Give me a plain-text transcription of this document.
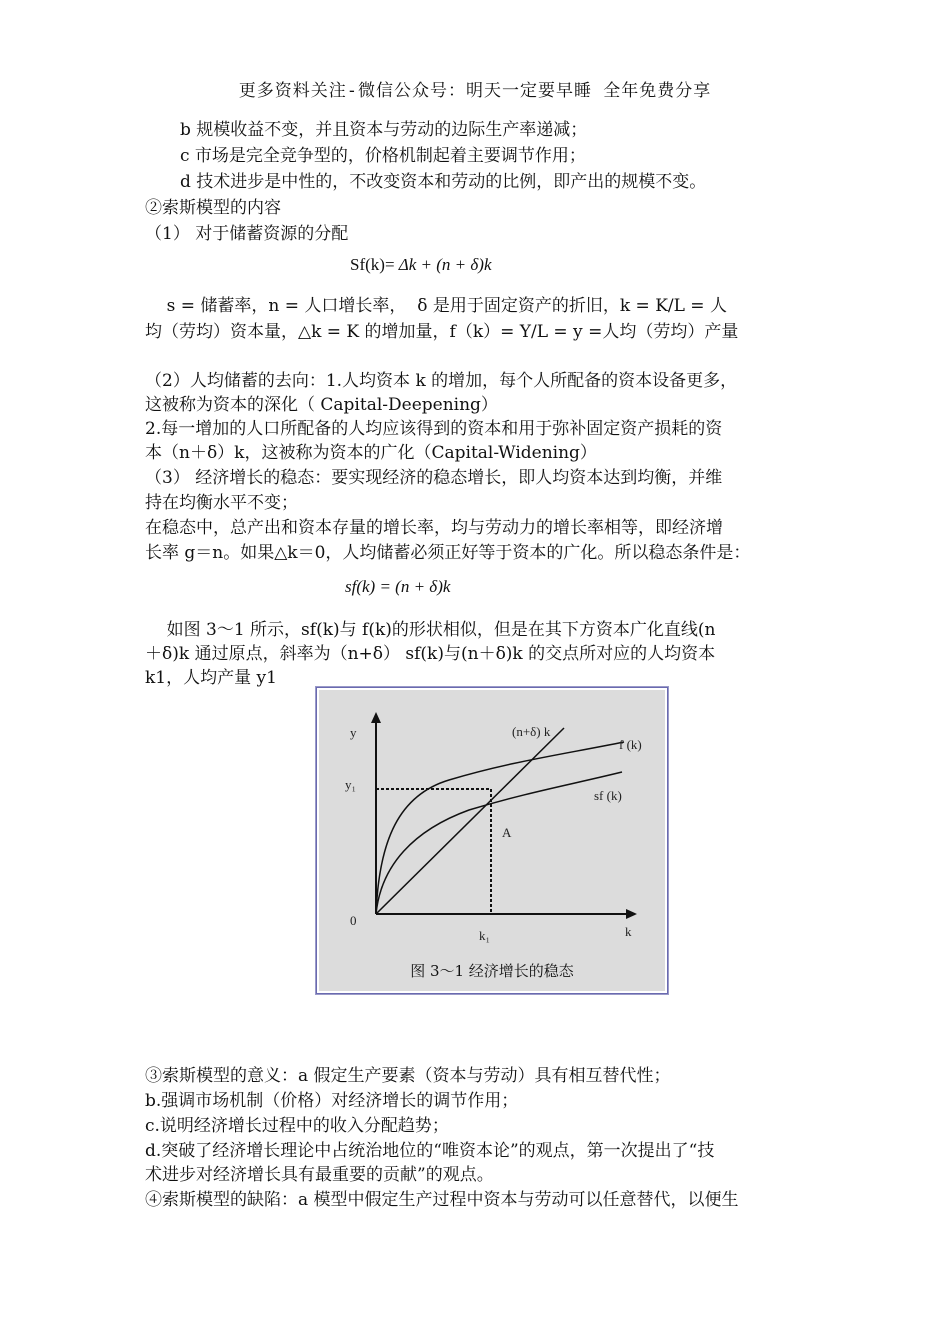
更多资料关注-微信公众号：明天一定要早睡 全年免费分享
b 规模收益不变，并且资本与劳动的边际生产率递减；
c 市场是完全竞争型的，价格机制起着主要调节作用；
d 技术进步是中性的，不改变资本和劳动的比例，即产出的规模不变。
②索斯模型的内容
（1） 对于储蓄资源的分配
Sf(k)= Δk + (n + δ)k
s = 储蓄率，n = 人口增长率，  δ 是用于固定资产的折旧，k = K/L = 人
均（劳均）资本量，△k = K 的增加量，f（k）= Y/L = y =人均（劳均）产量
（2）人均储蓄的去向：1.人均资本 k 的增加，每个人所配备的资本设备更多，
这被称为资本的深化（ Capital-Deepening）
2.每一增加的人口所配备的人均应该得到的资本和用于弥补固定资产损耗的资
本（n＋δ）k，这被称为资本的广化（Capital-Widening）
（3） 经济增长的稳态：要实现经济的稳态增长，即人均资本达到均衡，并维
持在均衡水平不变；
在稳态中，总产出和资本存量的增长率，均与劳动力的增长率相等，即经济增
长率 g＝n。如果△k＝0，人均储蓄必须正好等于资本的广化。所以稳态条件是：
sf(k) = (n + δ)k
如图 3～1 所示，sf(k)与 f(k)的形状相似，但是在其下方资本广化直线(n
＋δ)k 通过原点，斜率为（n+δ） sf(k)与(n＋δ)k 的交点所对应的人均资本
k1，人均产量 y1
y
k
0
y₁
k₁
(n+δ) k
f (k)
sf (k)
A
图 3～1 经济增长的稳态
③索斯模型的意义：a 假定生产要素（资本与劳动）具有相互替代性；
b.强调市场机制（价格）对经济增长的调节作用；
c.说明经济增长过程中的收入分配趋势；
d.突破了经济增长理论中占统治地位的“唯资本论”的观点，第一次提出了“技
术进步对经济增长具有最重要的贡献”的观点。
④索斯模型的缺陷：a 模型中假定生产过程中资本与劳动可以任意替代，以便生
